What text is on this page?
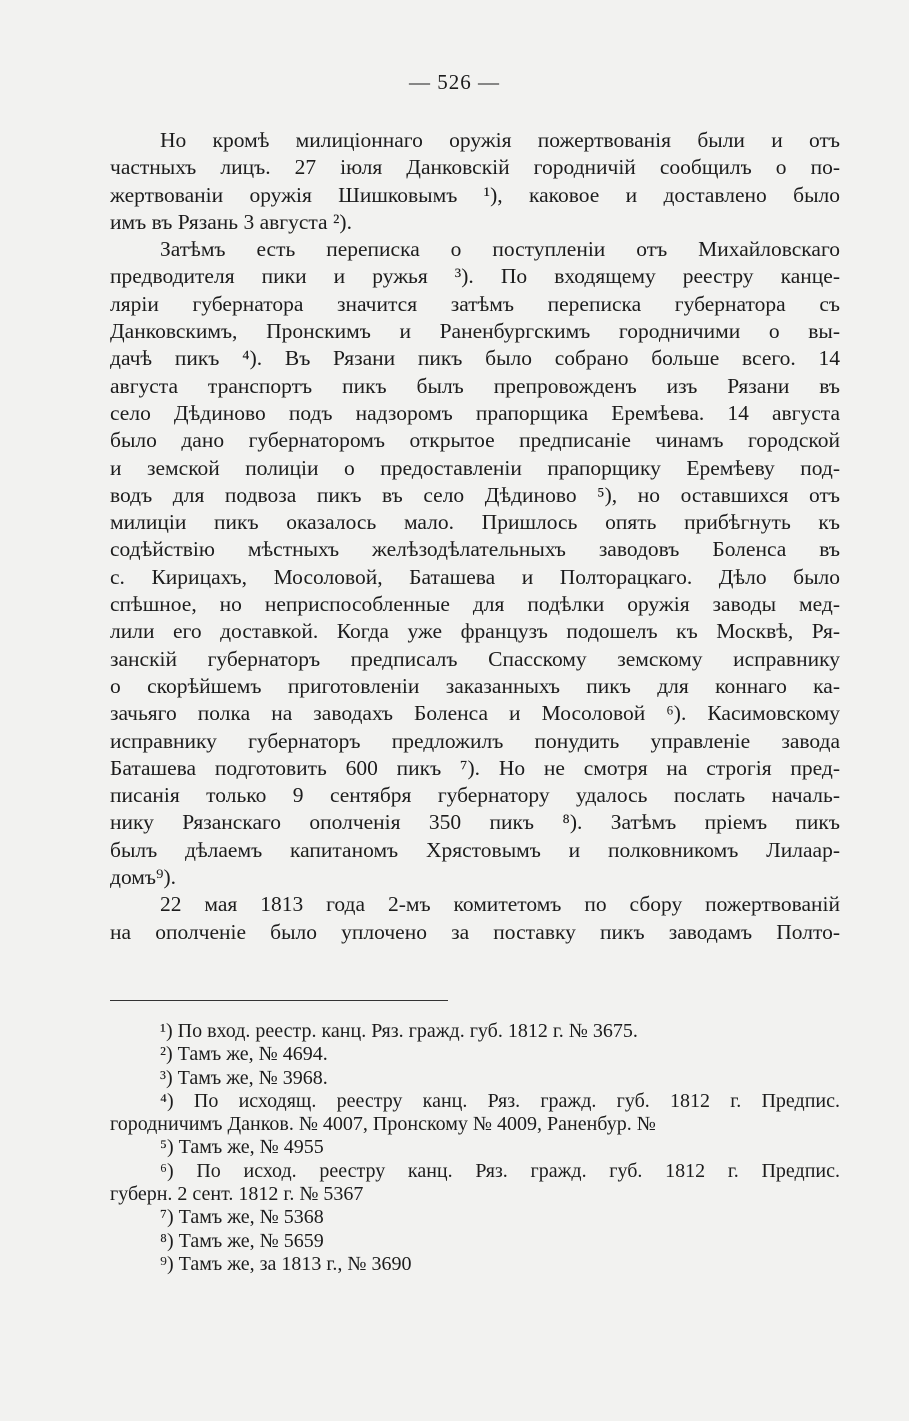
— 526 —
Но кромѣ милиціоннаго оружія пожертвованія были и отъ
частныхъ лицъ. 27 іюля Данковскій городничій сообщилъ о по-
жертвованіи оружія Шишковымъ ¹), каковое и доставлено было
имъ въ Рязань 3 августа ²).
Затѣмъ есть переписка о поступленіи отъ Михайловскаго
предводителя пики и ружья ³). По входящему реестру канце-
ляріи губернатора значится затѣмъ переписка губернатора съ
Данковскимъ, Пронскимъ и Раненбургскимъ городничими о вы-
дачѣ пикъ ⁴). Въ Рязани пикъ было собрано больше всего. 14
августа транспортъ пикъ былъ препровожденъ изъ Рязани въ
село Дѣдиново подъ надзоромъ прапорщика Еремѣева. 14 августа
было дано губернаторомъ открытое предписаніе чинамъ городской
и земской полиціи о предоставленіи прапорщику Еремѣеву под-
водъ для подвоза пикъ въ село Дѣдиново ⁵), но оставшихся отъ
милиціи пикъ оказалось мало. Пришлось опять прибѣгнуть къ
содѣйствію мѣстныхъ желѣзодѣлательныхъ заводовъ Боленса въ
с. Кирицахъ, Мосоловой, Баташева и Полторацкаго. Дѣло было
спѣшное, но неприспособленные для подѣлки оружія заводы мед-
лили его доставкой. Когда уже французъ подошелъ къ Москвѣ, Ря-
занскій губернаторъ предписалъ Спасскому земскому исправнику
о скорѣйшемъ приготовленіи заказанныхъ пикъ для коннаго ка-
зачьяго полка на заводахъ Боленса и Мосоловой ⁶). Касимовскому
исправнику губернаторъ предложилъ понудить управленіе завода
Баташева подготовить 600 пикъ ⁷). Но не смотря на строгія пред-
писанія только 9 сентября губернатору удалось послать началь-
нику Рязанскаго ополченія 350 пикъ ⁸). Затѣмъ пріемъ пикъ
былъ дѣлаемъ капитаномъ Хрястовымъ и полковникомъ Лилаар-
домъ⁹).
22 мая 1813 года 2-мъ комитетомъ по сбору пожертвованій
на ополченіе было уплочено за поставку пикъ заводамъ Полто-
¹) По вход. реестр. канц. Ряз. гражд. губ. 1812 г. № 3675.
²) Тамъ же, № 4694.
³) Тамъ же, № 3968.
⁴) По исходящ. реестру канц. Ряз. гражд. губ. 1812 г. Предпис.
городничимъ Данков. № 4007, Пронскому № 4009, Раненбур. №
⁵) Тамъ же, № 4955
⁶) По исход. реестру канц. Ряз. гражд. губ. 1812 г. Предпис.
губерн. 2 сент. 1812 г. № 5367
⁷) Тамъ же, № 5368
⁸) Тамъ же, № 5659
⁹) Тамъ же, за 1813 г., № 3690
